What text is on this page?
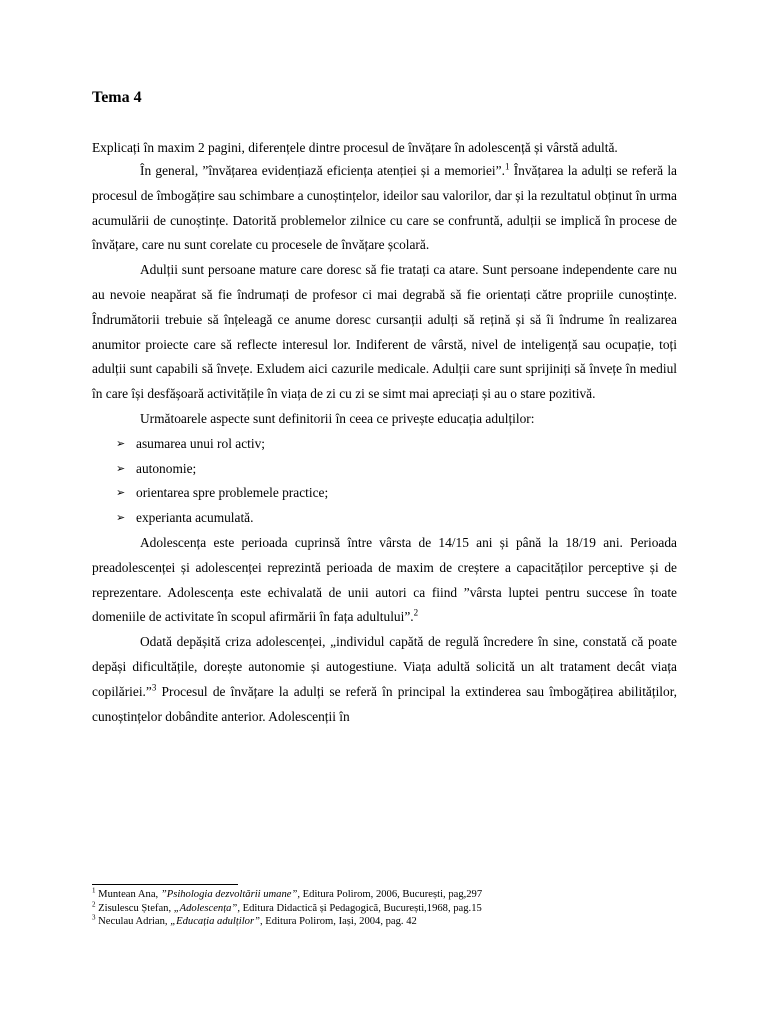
Tema 4

Explicați în maxim 2 pagini, diferențele dintre procesul de învățare în adolescență și vârstă adultă.

În general, ”învățarea evidențiază eficiența atenției și a memoriei”.$^1$ Învățarea la adulți se referă la procesul de îmbogățire sau schimbare a cunoștințelor, ideilor sau valorilor, dar și la rezultatul obținut în urma acumulării de cunoștințe. Datorită problemelor zilnice cu care se confruntă, adulții se implică în procese de învățare, care nu sunt corelate cu procesele de învățare școlară.

Adulții sunt persoane mature care doresc să fie tratați ca atare. Sunt persoane independente care nu au nevoie neapărat să fie îndrumați de profesor ci mai degrabă să fie orientați către propriile cunoștințe. Îndrumătorii trebuie să înțeleagă ce anume doresc cursanții adulți să rețină și să îi îndrume în realizarea anumitor proiecte care să reflecte interesul lor. Indiferent de vârstă, nivel de inteligență sau ocupație, toți adulții sunt capabili să învețe. Exludem aici cazurile medicale. Adulții care sunt sprijiniți să învețe în mediul în care își desfășoară activitățile în viața de zi cu zi se simt mai apreciați și au o stare pozitivă.

Următoarele aspecte sunt definitorii în ceea ce privește educația adulților:

➢ asumarea unui rol activ;
➢ autonomie;
➢ orientarea spre problemele practice;
➢ experianta acumulată.

Adolescența este perioada cuprinsă între vârsta de 14/15 ani și până la 18/19 ani. Perioada preadolescenței și adolescenței reprezintă perioada de maxim de creștere a capacităților perceptive și de reprezentare. Adolescența este echivalată de unii autori ca fiind ”vârsta luptei pentru succese în toate domeniile de activitate în scopul afirmării în fața adultului”.$^2$

Odată depășită criza adolescenței, „individul capătă de regulă încredere în sine, constată că poate depăși dificultățile, dorește autonomie și autogestiune. Viața adultă solicită un alt tratament decât viața copilăriei.”$^3$ Procesul de învățare la adulți se referă în principal la extinderea sau îmbogățirea abilităților, cunoștințelor dobândite anterior. Adolescenții în

$^1$ Muntean Ana, ”Psihologia dezvoltării umane”, Editura Polirom, 2006, București, pag,297

$^2$ Zisulescu Ștefan, „Adolescența”, Editura Didactică și Pedagogică, București,1968, pag.15

$^3$ Neculau Adrian, „Educația adulților”, Editura Polirom, Iași, 2004, pag. 42
